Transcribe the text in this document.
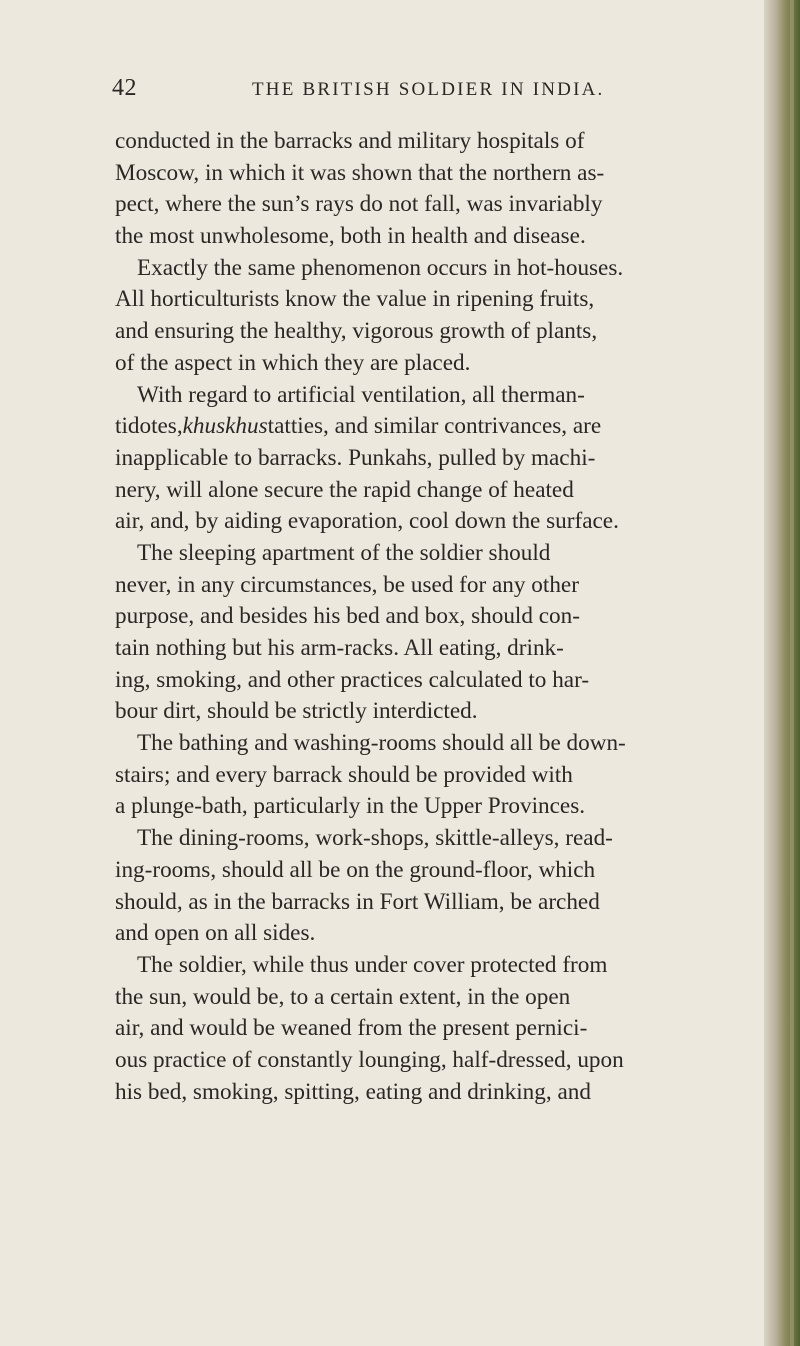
42	THE BRITISH SOLDIER IN INDIA.
conducted in the barracks and military hospitals of
Moscow, in which it was shown that the northern as-
pect, where the sun’s rays do not fall, was invariably
the most unwholesome, both in health and disease.
Exactly the same phenomenon occurs in hot-houses.
All horticulturists know the value in ripening fruits,
and ensuring the healthy, vigorous growth of plants,
of the aspect in which they are placed.
With regard to artificial ventilation, all therman-
tidotes,khuskhustatties, and similar contrivances, are
inapplicable to barracks. Punkahs, pulled by machi-
nery, will alone secure the rapid change of heated
air, and, by aiding evaporation, cool down the surface.
The sleeping apartment of the soldier should
never, in any circumstances, be used for any other
purpose, and besides his bed and box, should con-
tain nothing but his arm-racks. All eating, drink-
ing, smoking, and other practices calculated to har-
bour dirt, should be strictly interdicted.
The bathing and washing-rooms should all be down-
stairs; and every barrack should be provided with
a plunge-bath, particularly in the Upper Provinces.
The dining-rooms, work-shops, skittle-alleys, read-
ing-rooms, should all be on the ground-floor, which
should, as in the barracks in Fort William, be arched
and open on all sides.
The soldier, while thus under cover protected from
the sun, would be, to a certain extent, in the open
air, and would be weaned from the present pernici-
ous practice of constantly lounging, half-dressed, upon
his bed, smoking, spitting, eating and drinking, and
